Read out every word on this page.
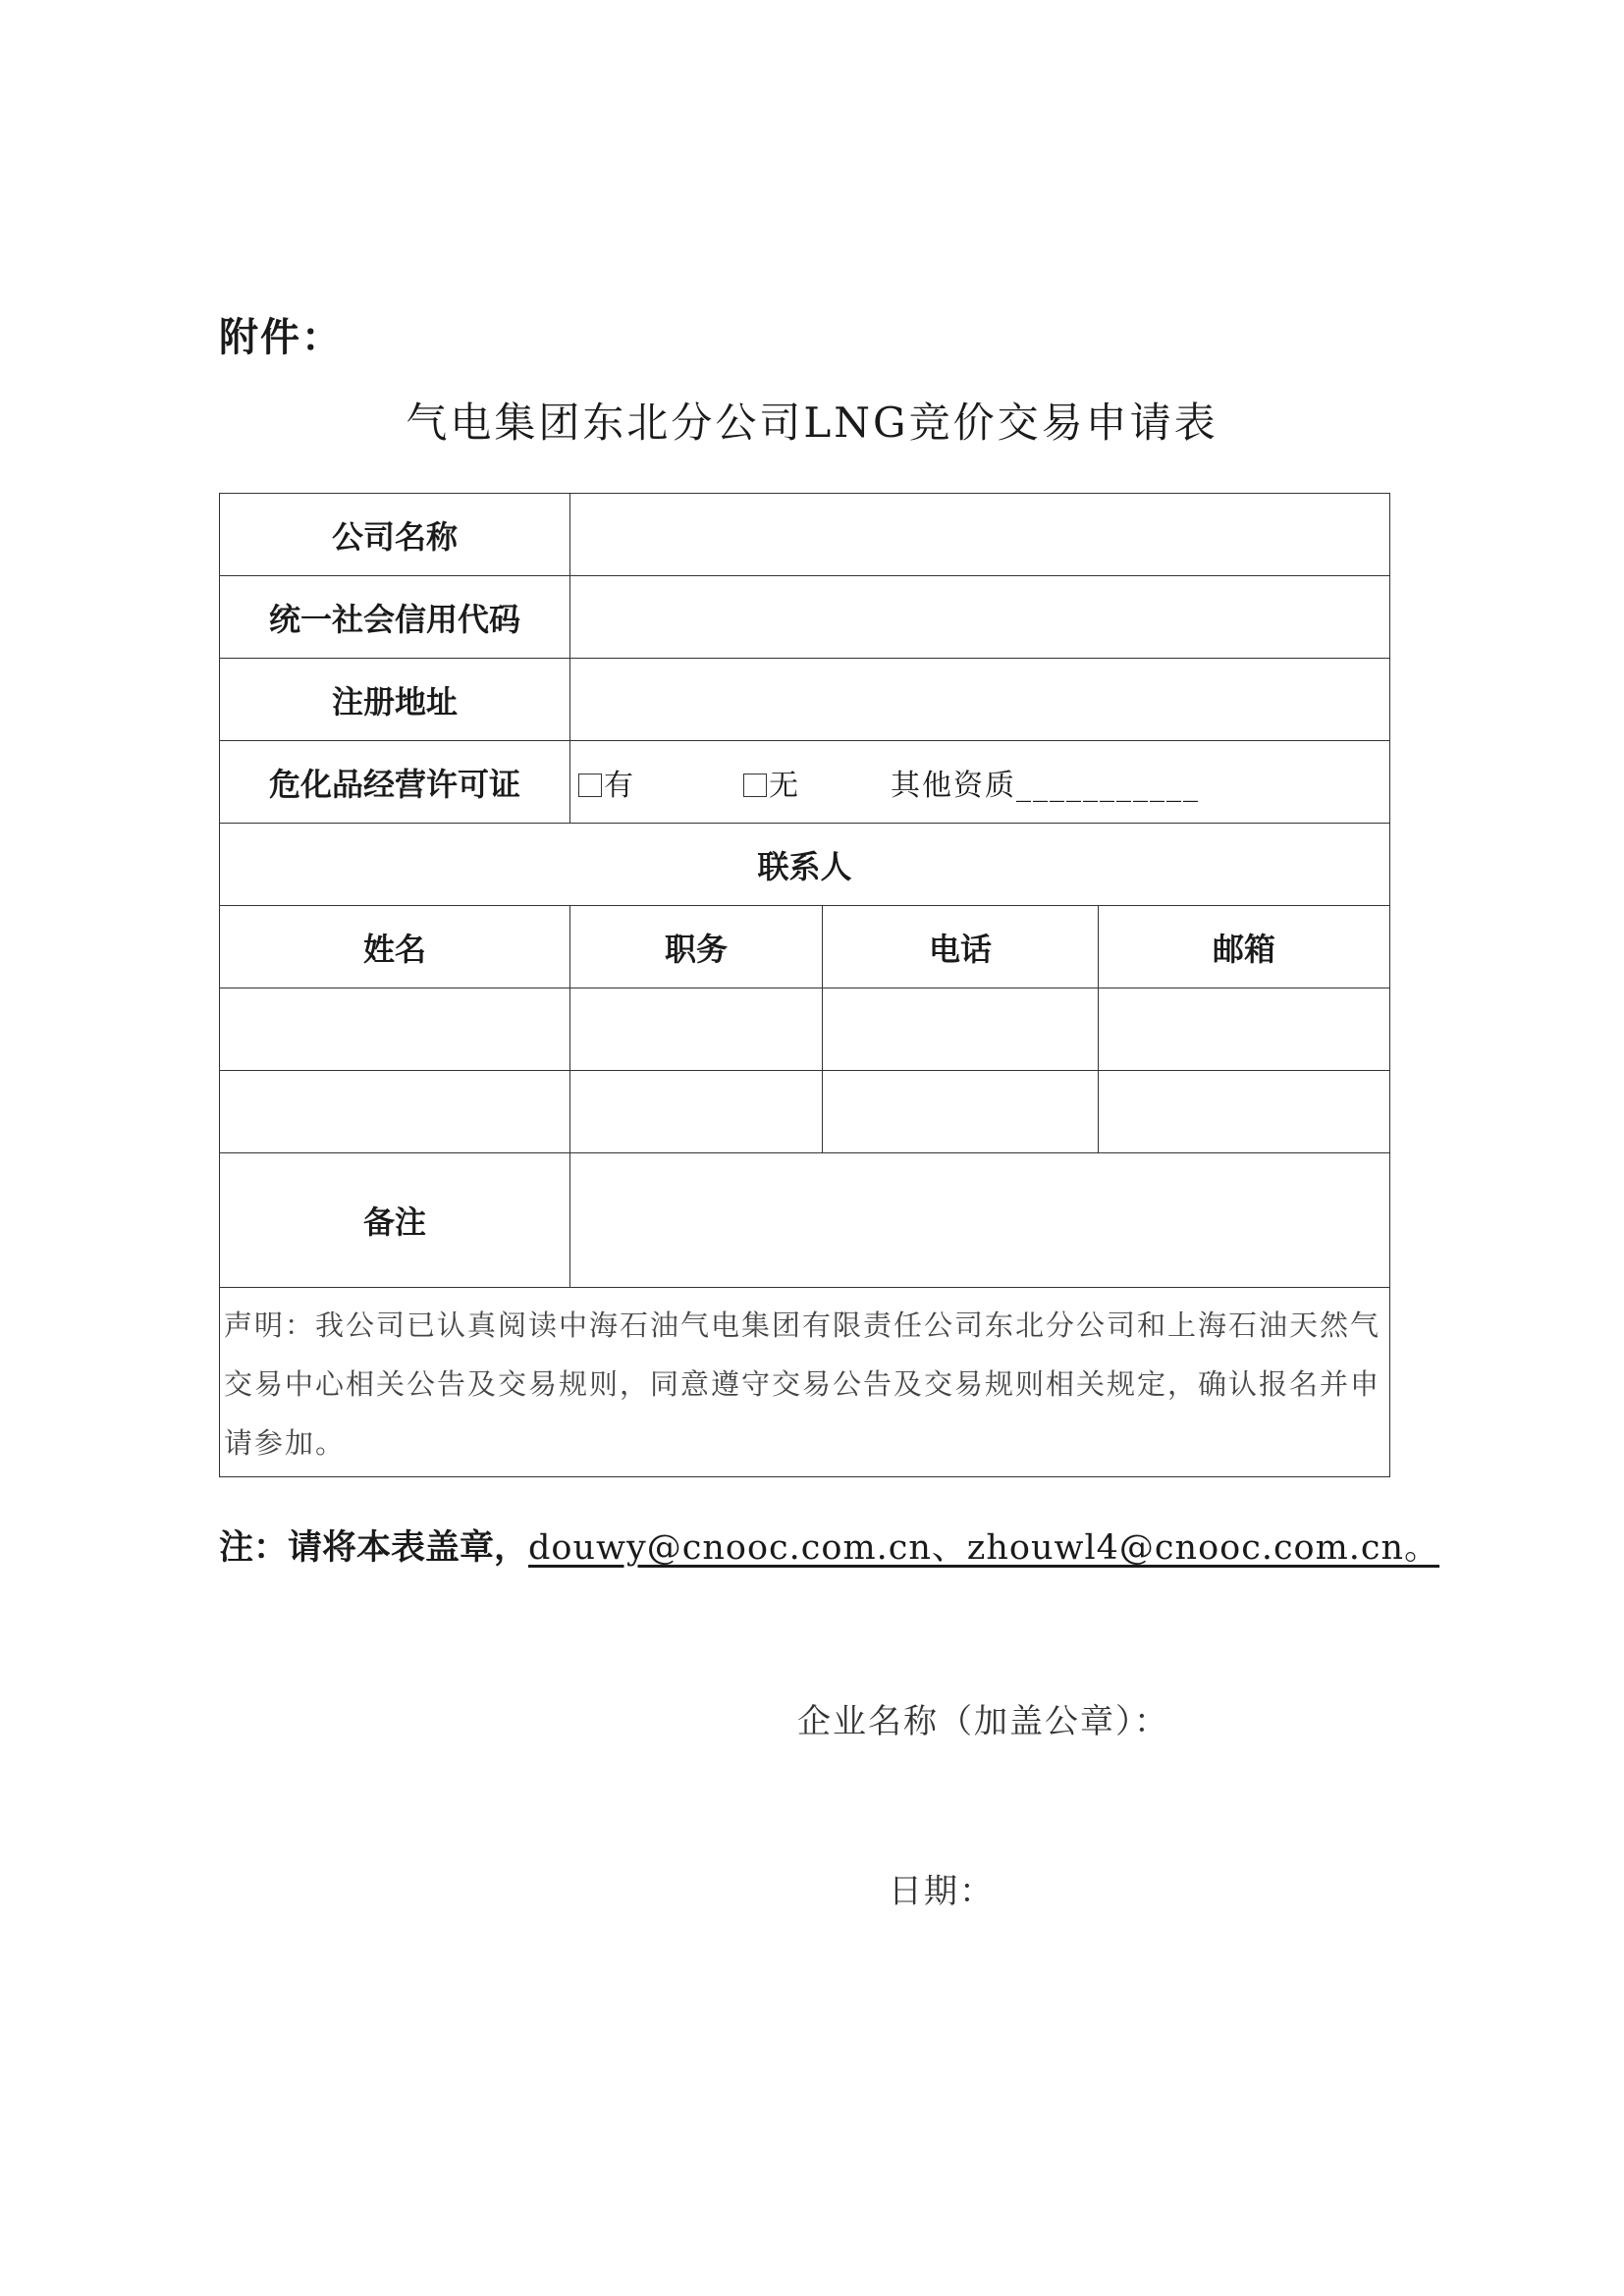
附件：
气电集团东北分公司LNG竞价交易申请表
公司名称			
统一社会信用代码			
注册地址			
危化品经营许可证	有 无 其他资质___________		
联系人			
姓名	职务	电话	邮箱

备注			
声明：我公司已认真阅读中海石油气电集团有限责任公司东北分公司和上海石油天然气交易中心相关公告及交易规则，同意遵守交易公告及交易规则相关规定，确认报名并申请参加。			
注：请将本表盖章，douwy@cnooc.com.cn、zhouwl4@cnooc.com.cn。
企业名称（加盖公章）：
日期：
